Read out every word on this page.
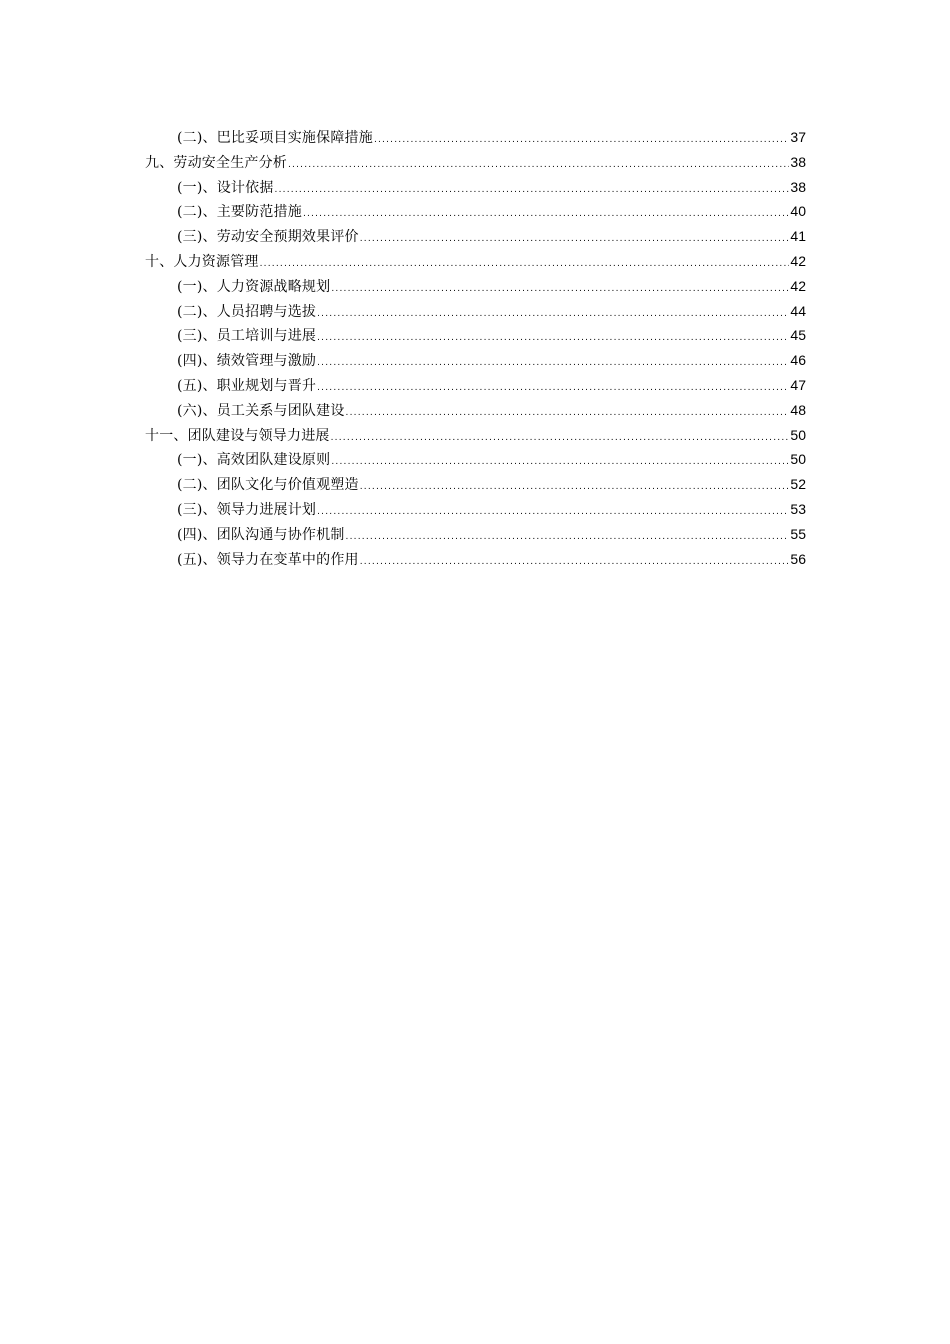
(二)、巴比妥项目实施保障措施 .....	37
九、劳动安全生产分析 .....	38
(一)、设计依据 .....	38
(二)、主要防范措施 .....	40
(三)、劳动安全预期效果评价 .....	41
十、人力资源管理 .....	42
(一)、人力资源战略规划 .....	42
(二)、人员招聘与选拔 .....	44
(三)、员工培训与进展 .....	45
(四)、绩效管理与激励 .....	46
(五)、职业规划与晋升 .....	47
(六)、员工关系与团队建设 .....	48
十一、团队建设与领导力进展 .....	50
(一)、高效团队建设原则 .....	50
(二)、团队文化与价值观塑造 .....	52
(三)、领导力进展计划 .....	53
(四)、团队沟通与协作机制 .....	55
(五)、领导力在变革中的作用 .....	56
